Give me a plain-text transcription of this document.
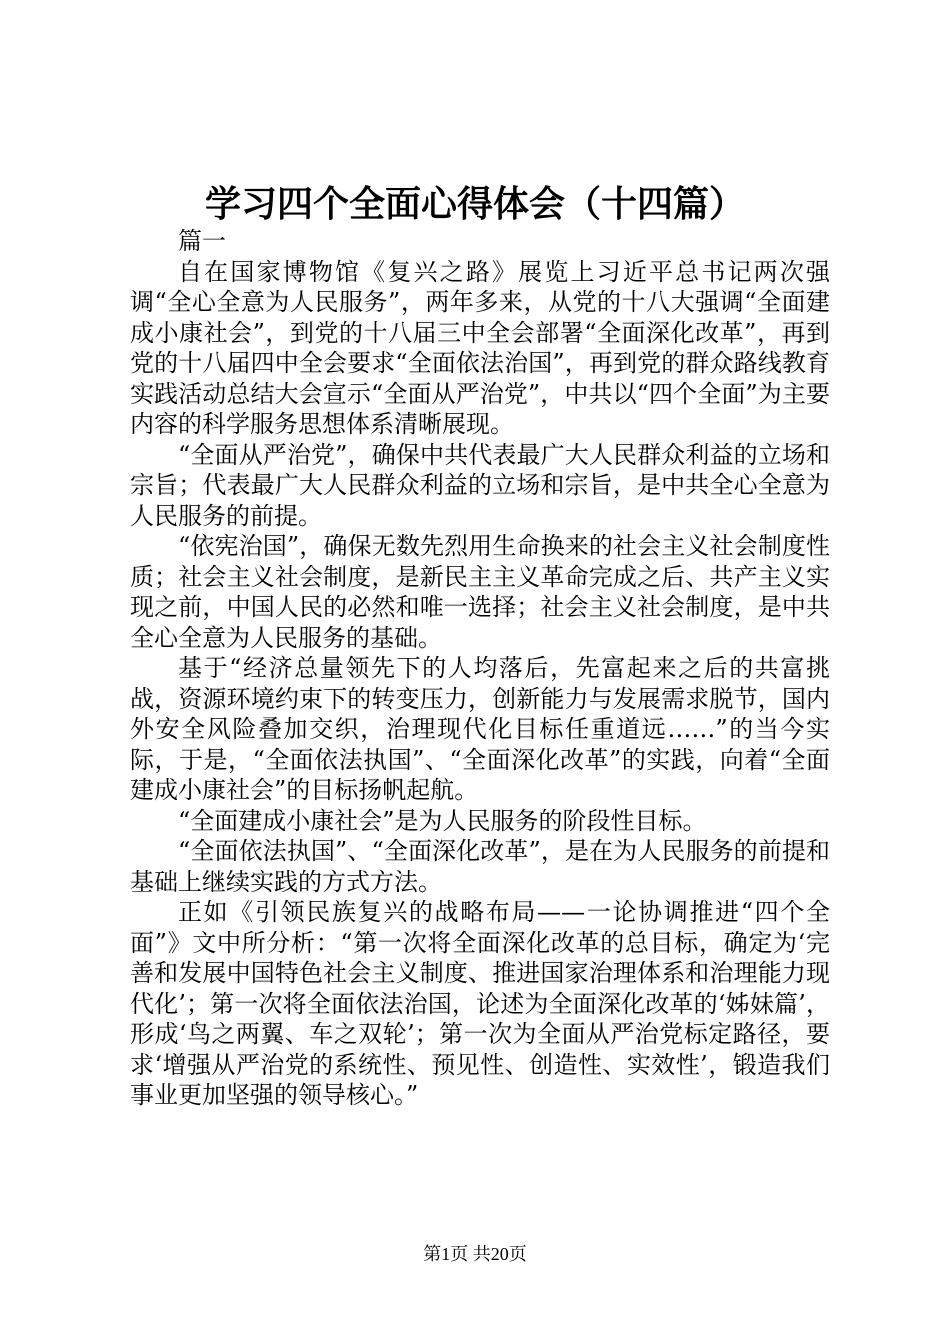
学习四个全面心得体会（十四篇）

篇一

自在国家博物馆《复兴之路》展览上习近平总书记两次强调“全心全意为人民服务”，两年多来，从党的十八大强调“全面建成小康社会”，到党的十八届三中全会部署“全面深化改革”，再到党的十八届四中全会要求“全面依法治国”，再到党的群众路线教育实践活动总结大会宣示“全面从严治党”，中共以“四个全面”为主要内容的科学服务思想体系清晰展现。

“全面从严治党”，确保中共代表最广大人民群众利益的立场和宗旨；代表最广大人民群众利益的立场和宗旨，是中共全心全意为人民服务的前提。

“依宪治国”，确保无数先烈用生命换来的社会主义社会制度性质；社会主义社会制度，是新民主主义革命完成之后、共产主义实现之前，中国人民的必然和唯一选择；社会主义社会制度，是中共全心全意为人民服务的基础。

基于“经济总量领先下的人均落后，先富起来之后的共富挑战，资源环境约束下的转变压力，创新能力与发展需求脱节，国内外安全风险叠加交织，治理现代化目标任重道远……”的当今实际，于是，“全面依法执国”、“全面深化改革”的实践，向着“全面建成小康社会”的目标扬帆起航。

“全面建成小康社会”是为人民服务的阶段性目标。

“全面依法执国”、“全面深化改革”，是在为人民服务的前提和基础上继续实践的方式方法。

正如《引领民族复兴的战略布局——一论协调推进“四个全面”》文中所分析：“第一次将全面深化改革的总目标，确定为‘完善和发展中国特色社会主义制度、推进国家治理体系和治理能力现代化’；第一次将全面依法治国，论述为全面深化改革的‘姊妹篇’，形成‘鸟之两翼、车之双轮’；第一次为全面从严治党标定路径，要求‘增强从严治党的系统性、预见性、创造性、实效性’，锻造我们事业更加坚强的领导核心。”

第1页 共20页
